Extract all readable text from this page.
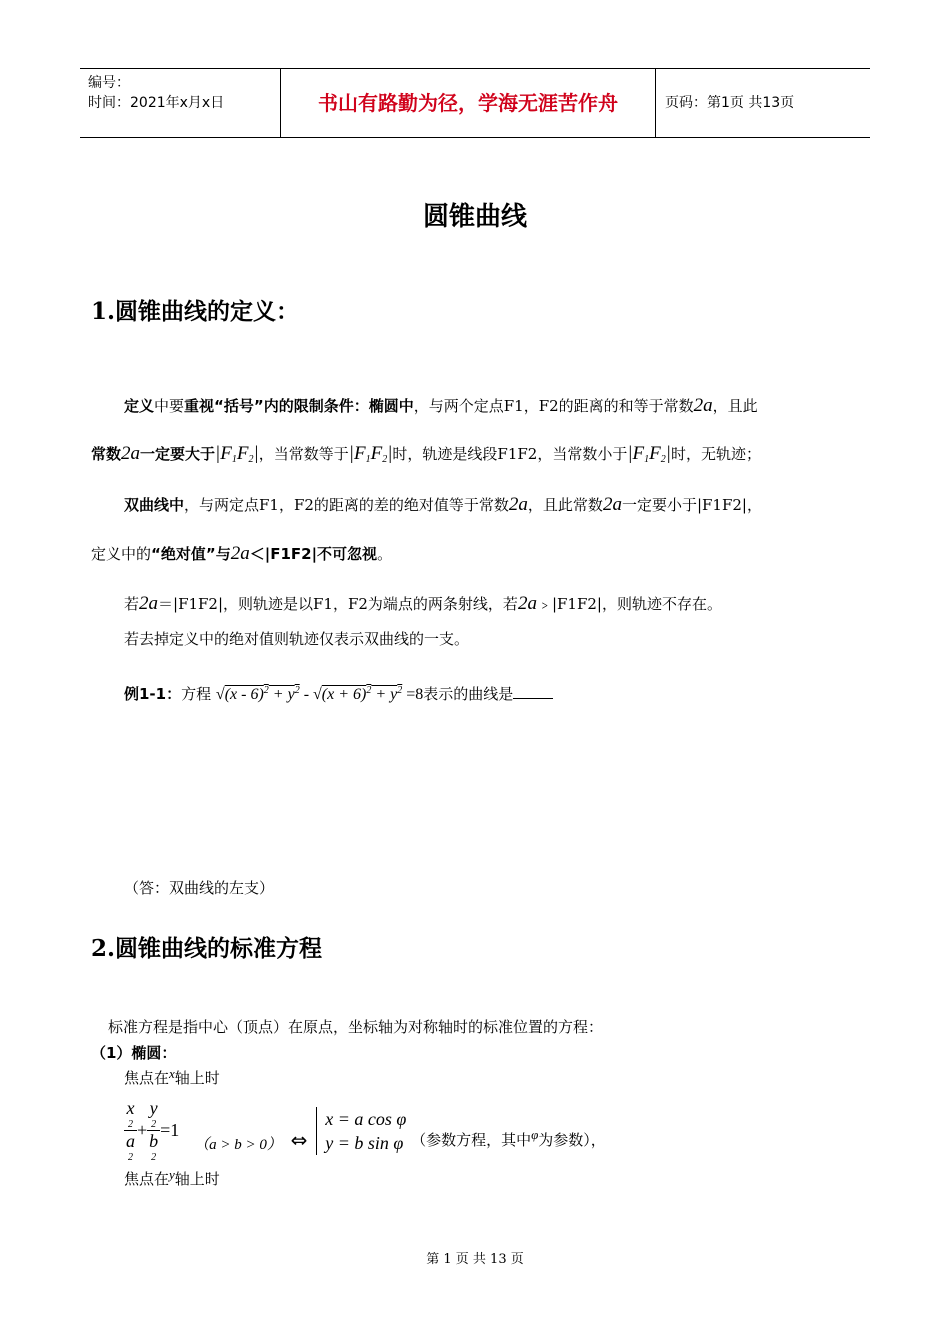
编号：
时间：2021年x月x日	书山有路勤为径，学海无涯苦作舟	页码：第1页 共13页
圆锥曲线
1.圆锥曲线的定义：
定义中要重视“括号”内的限制条件：椭圆中，与两个定点F1，F2的距离的和等于常数2a，且此
常数2a一定要大于$|F_1F_2|$，当常数等于$|F_1F_2|$时，轨迹是线段F1F2，当常数小于$|F_1F_2|$时，无轨迹；
双曲线中，与两定点F1，F2的距离的差的绝对值等于常数2a，且此常数2a一定要小于|F1F2|，
定义中的“绝对值”与2a＜|F1F2|不可忽视。
若2a＝|F1F2|，则轨迹是以F1，F2为端点的两条射线，若2a﹥|F1F2|，则轨迹不存在。
若去掉定义中的绝对值则轨迹仅表示双曲线的一支。
例1-1：方程 $√(x - 6)^2 + y^2 - √(x + 6)^2 + y^2 =8$表示的曲线是
（答：双曲线的左支）
2.圆锥曲线的标准方程
标准方程是指中心（顶点）在原点，坐标轴为对称轴时的标准位置的方程：
（1）椭圆：
焦点在x轴上时
x
2
a
2 + y
2
b
2 =1 （a > b > 0） ⇔
x = a cos φ
y = b sin φ （参数方程，其中φ为参数），
焦点在y轴上时
第 1 页 共 13 页
